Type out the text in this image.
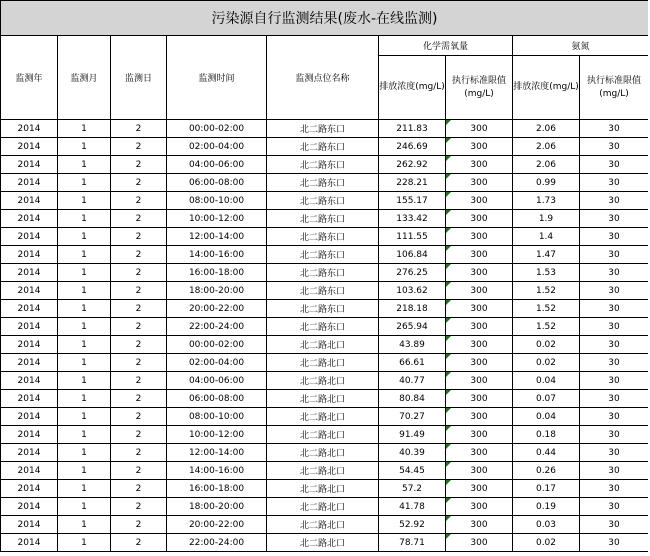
污染源自行监测结果(废水-在线监测)								
监测年	监测月	监测日	监测时间	监测点位名称	化学需氧量		氨氮	
					排放浓度(mg/L)	执行标准限值(mg/L)	排放浓度(mg/L)	执行标准限值(mg/L)
2014	1	2	00:00-02:00	北二路东口	211.83	300	2.06	30
2014	1	2	02:00-04:00	北二路东口	246.69	300	2.06	30
2014	1	2	04:00-06:00	北二路东口	262.92	300	2.06	30
2014	1	2	06:00-08:00	北二路东口	228.21	300	0.99	30
2014	1	2	08:00-10:00	北二路东口	155.17	300	1.73	30
2014	1	2	10:00-12:00	北二路东口	133.42	300	1.9	30
2014	1	2	12:00-14:00	北二路东口	111.55	300	1.4	30
2014	1	2	14:00-16:00	北二路东口	106.84	300	1.47	30
2014	1	2	16:00-18:00	北二路东口	276.25	300	1.53	30
2014	1	2	18:00-20:00	北二路东口	103.62	300	1.52	30
2014	1	2	20:00-22:00	北二路东口	218.18	300	1.52	30
2014	1	2	22:00-24:00	北二路东口	265.94	300	1.52	30
2014	1	2	00:00-02:00	北二路北口	43.89	300	0.02	30
2014	1	2	02:00-04:00	北二路北口	66.61	300	0.02	30
2014	1	2	04:00-06:00	北二路北口	40.77	300	0.04	30
2014	1	2	06:00-08:00	北二路北口	80.84	300	0.07	30
2014	1	2	08:00-10:00	北二路北口	70.27	300	0.04	30
2014	1	2	10:00-12:00	北二路北口	91.49	300	0.18	30
2014	1	2	12:00-14:00	北二路北口	40.39	300	0.44	30
2014	1	2	14:00-16:00	北二路北口	54.45	300	0.26	30
2014	1	2	16:00-18:00	北二路北口	57.2	300	0.17	30
2014	1	2	18:00-20:00	北二路北口	41.78	300	0.19	30
2014	1	2	20:00-22:00	北二路北口	52.92	300	0.03	30
2014	1	2	22:00-24:00	北二路北口	78.71	300	0.02	30
